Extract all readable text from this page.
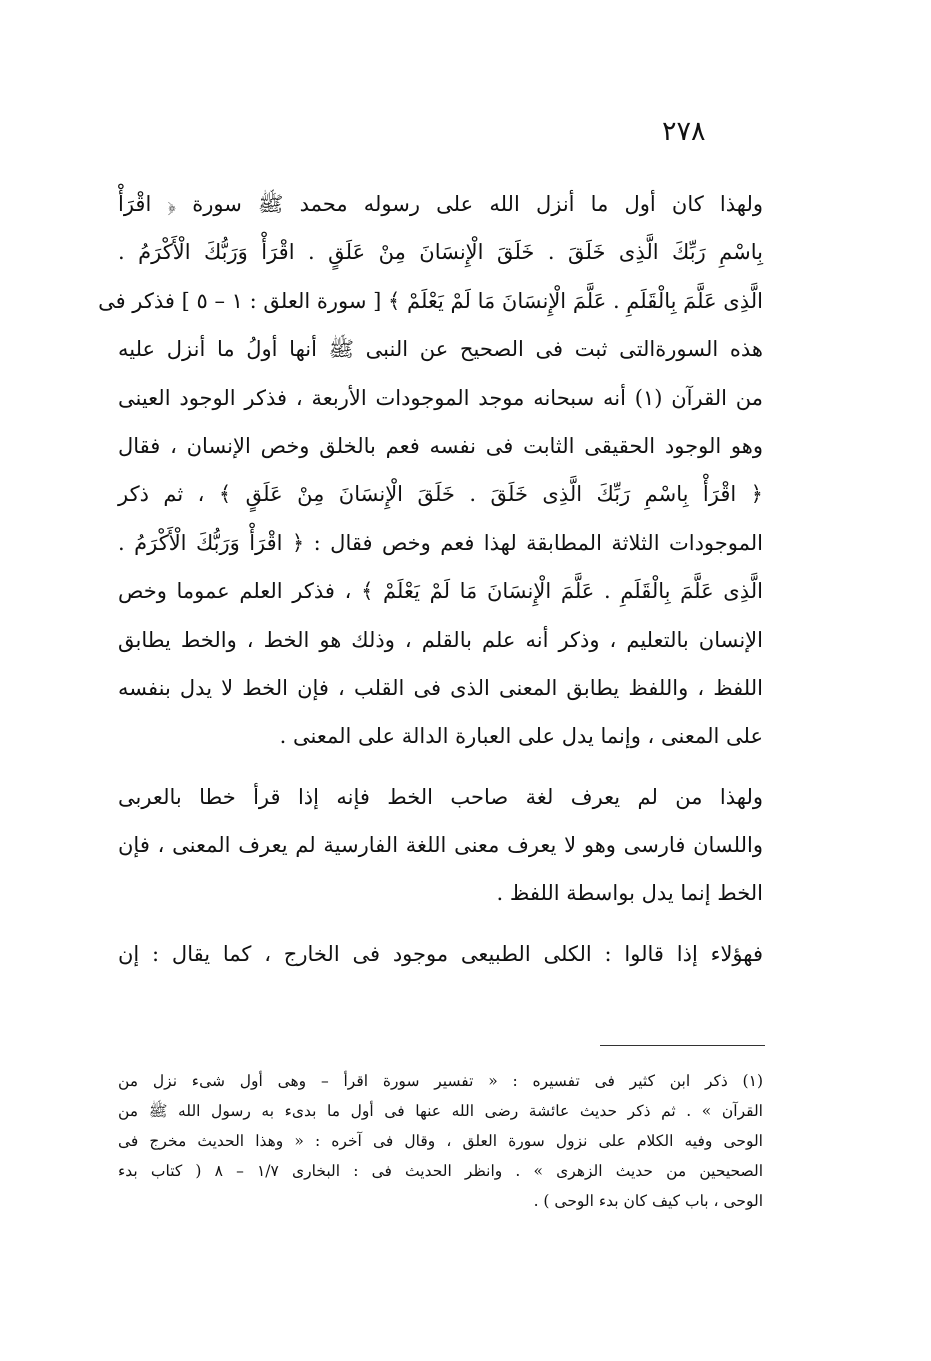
٢٧٨
ولهذا كان أول ما أنزل الله على رسوله محمد ﷺ سورة ﴿ اقْرَأْ
بِاسْمِ رَبِّكَ الَّذِى خَلَقَ . خَلَقَ الْإِنسَانَ مِنْ عَلَقٍ . اقْرَأْ وَرَبُّكَ الْأَكْرَمُ .
الَّذِى عَلَّمَ بِالْقَلَمِ . عَلَّمَ الْإِنسَانَ مَا لَمْ يَعْلَمْ ﴾ [ سورة العلق : ١ – ٥ ] فذكر فى
هذه السورةالتى ثبت فى الصحيح عن النبى ﷺ أنها أولُ ما أنزل عليه
من القرآن (١) أنه سبحانه موجد الموجودات الأربعة ، فذكر الوجود العينى
وهو الوجود الحقيقى الثابت فى نفسه فعم بالخلق وخص الإنسان ، فقال
﴿ اقْرَأْ بِاسْمِ رَبِّكَ الَّذِى خَلَقَ . خَلَقَ الْإِنسَانَ مِنْ عَلَقٍ ﴾ ، ثم ذكر
الموجودات الثلاثة المطابقة لهذا فعم وخص فقال : ﴿ اقْرَأْ وَرَبُّكَ الْأَكْرَمُ .
الَّذِى عَلَّمَ بِالْقَلَمِ . عَلَّمَ الْإِنسَانَ مَا لَمْ يَعْلَمْ ﴾ ، فذكر العلم عموما وخص
الإنسان بالتعليم ، وذكر أنه علم بالقلم ، وذلك هو الخط ، والخط يطابق
اللفظ ، واللفظ يطابق المعنى الذى فى القلب ، فإن الخط لا يدل بنفسه
على المعنى ، وإنما يدل على العبارة الدالة على المعنى .
ولهذا من لم يعرف لغة صاحب الخط فإنه إذا قرأ خطا بالعربى
واللسان فارسى وهو لا يعرف معنى اللغة الفارسية لم يعرف المعنى ، فإن
الخط إنما يدل بواسطة اللفظ .
فهؤلاء إذا قالوا : الكلى الطبيعى موجود فى الخارج ، كما يقال : إن
(١) ذكر ابن كثير فى تفسيره : « تفسير سورة اقرأ – وهى أول شىء نزل من
القرآن » . ثم ذكر حديث عائشة رضى الله عنها فى أول ما بدىء به رسول الله ﷺ من
الوحى وفيه الكلام على نزول سورة العلق ، وقال فى آخره : « وهذا الحديث مخرج فى
الصحيحين من حديث الزهرى » . وانظر الحديث فى : البخارى ١/٧ – ٨ ( كتاب بدء
الوحى ، باب كيف كان بدء الوحى ) .
